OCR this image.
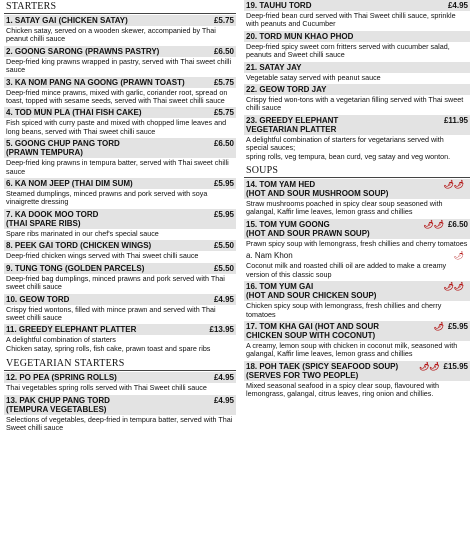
STARTERS
1. SATAY GAI (CHICKEN SATAY)	£5.75
Chicken satay, served on a wooden skewer, accompanied by Thai peanut chilli sauce
2. GOONG SARONG (PRAWNS PASTRY)	£6.50
Deep-fried king prawns wrapped in pastry, served with Thai sweet chilli sauce
3. KA NOM PANG NA GOONG (PRAWN TOAST)	£5.75
Deep-fried mince prawns, mixed with garlic, coriander root, spread on toast, topped with sesame seeds, served with Thai sweet chilli sauce
4. TOD MUN PLA (THAI FISH CAKE)	£5.75
Fish spiced with curry paste and mixed with chopped lime leaves and long beans, served with Thai sweet chilli sauce
5. GOONG CHUP PANG TORD
(PRAWN TEMPURA)
£6.50
Deep-fried king prawns in tempura batter, served with Thai sweet chilli sauce
6. KA NOM JEEP (THAI DIM SUM)	£5.95
Steamed dumplings, minced prawns and pork served with soya vinaigrette dressing
7. KA DOOK MOO TORD
(THAI SPARE RIBS)
£5.95
Spare ribs marinated in our chef's special sauce
8. PEEK GAI TORD (CHICKEN WINGS)	£5.50
Deep-fried chicken wings served with Thai sweet chilli sauce
9. TUNG TONG (GOLDEN PARCELS)	£5.50
Deep-fried bag dumplings, minced prawns and pork served with Thai sweet chilli sauce
10. GEOW TORD	£4.95
Crispy fried wontons, filled with mince prawn and served with Thai sweet chilli sauce
11. GREEDY ELEPHANT PLATTER	£13.95
A delightful combination of starters
Chicken satay, spring rolls, fish cake, prawn toast and spare ribs
VEGETARIAN STARTERS
12. PO PEA (SPRING ROLLS)	£4.95
Thai vegetables spring rolls served with Thai Sweet chilli sauce
13. PAK CHUP PANG TORD
(TEMPURA VEGETABLES)
£4.95
Selections of vegetables, deep-fried in tempura batter, served with Thai Sweet chilli sauce
19. TAUHU TORD	£4.95
Deep-fried bean curd served with Thai Sweet chilli sauce, sprinkle with peanuts and Cucumber
20. TORD MUN KHAO PHOD
Deep-fried spicy sweet corn fritters served with cucumber salad, peanuts and Sweet chilli sauce
21. SATAY JAY
Vegetable satay served with peanut sauce
22. GEOW TORD JAY
Crispy fried won-tons with a vegetarian filling served with Thai sweet chilli sauce
23. GREEDY ELEPHANT
VEGETARIAN PLATTER
£11.95
A delightful combination of starters for vegetarians served with special sauces;
spring rolls, veg tempura, bean curd, veg satay and veg wonton.
SOUPS
14. TOM YAM HED
(HOT AND SOUR MUSHROOM SOUP)
🌶🌶
Straw mushrooms poached in spicy clear soup seasoned with galangal, Kaffir lime leaves, lemon grass and chillies
15. TOM YUM GOONG
(HOT AND SOUR PRAWN SOUP)
🌶🌶 £6.50
Prawn spicy soup with lemongrass, fresh chillies and cherry tomatoes
a. Nam Khon	🌶
Coconut milk and roasted chilli oil are added to make a creamy version of this classic soup
16. TOM YUM GAI
(HOT AND SOUR CHICKEN SOUP)
🌶🌶
Chicken spicy soup with lemongrass, fresh chillies and cherry tomatoes
17. TOM KHA GAI (HOT AND SOUR
CHICKEN SOUP WITH COCONUT)
🌶 £5.95
A creamy, lemon soup with chicken in coconut milk, seasoned with galangal, Kaffir lime leaves, lemon grass and chillies
18. POH TAEK (SPICY SEAFOOD SOUP)
(SERVES FOR TWO PEOPLE)
🌶🌶 £15.95
Mixed seasonal seafood in a spicy clear soup, flavoured with lemongrass, galangal, citrus leaves, ring onion and chillies.
